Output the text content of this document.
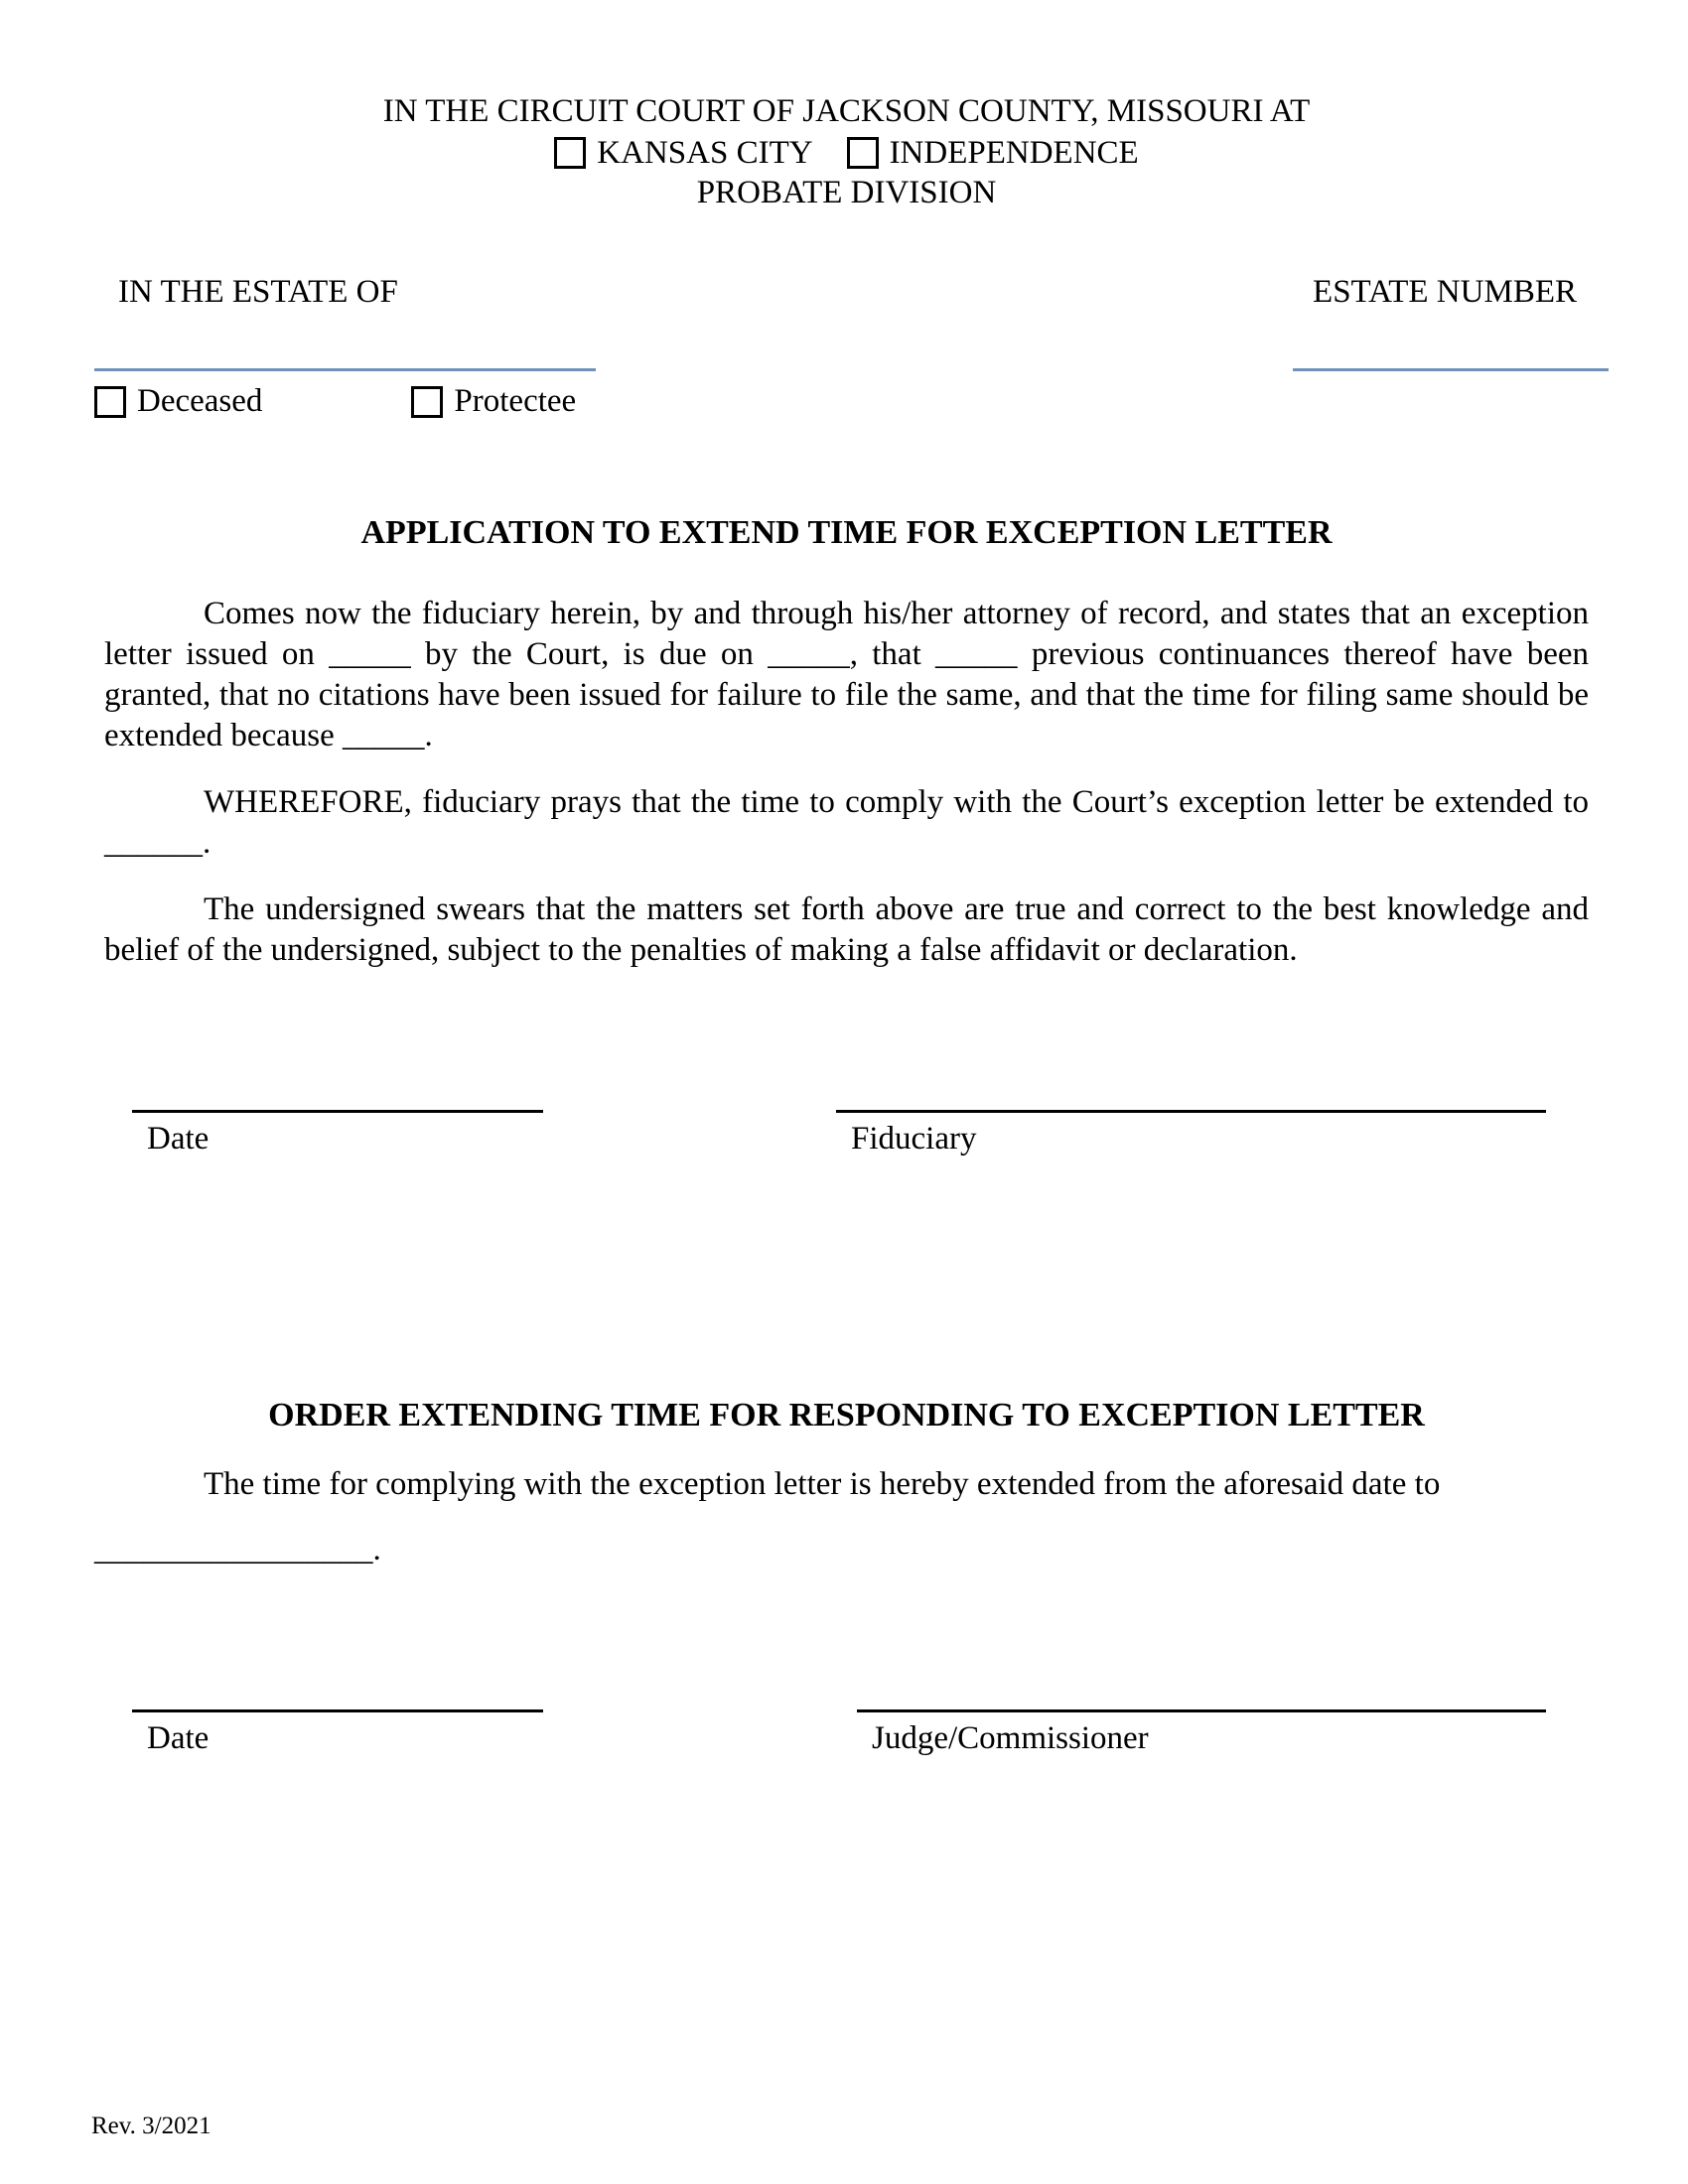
IN THE CIRCUIT COURT OF JACKSON COUNTY, MISSOURI AT
KANSAS CITY INDEPENDENCE
PROBATE DIVISION
IN THE ESTATE OF	ESTATE NUMBER
Deceased	Protectee
APPLICATION TO EXTEND TIME FOR EXCEPTION LETTER

Comes now the fiduciary herein, by and through his/her attorney of record, and states that an exception letter issued on _____ by the Court, is due on _____, that _____ previous continuances thereof have been granted, that no citations have been issued for failure to file the same, and that the time for filing same should be extended because _____.

WHEREFORE, fiduciary prays that the time to comply with the Court’s exception letter be extended to ______.

The undersigned swears that the matters set forth above are true and correct to the best knowledge and belief of the undersigned, subject to the penalties of making a false affidavit or declaration.

Date	Fiduciary
ORDER EXTENDING TIME FOR RESPONDING TO EXCEPTION LETTER

The time for complying with the exception letter is hereby extended from the aforesaid date to

_________________.
Date	Judge/Commissioner
Rev. 3/2021
